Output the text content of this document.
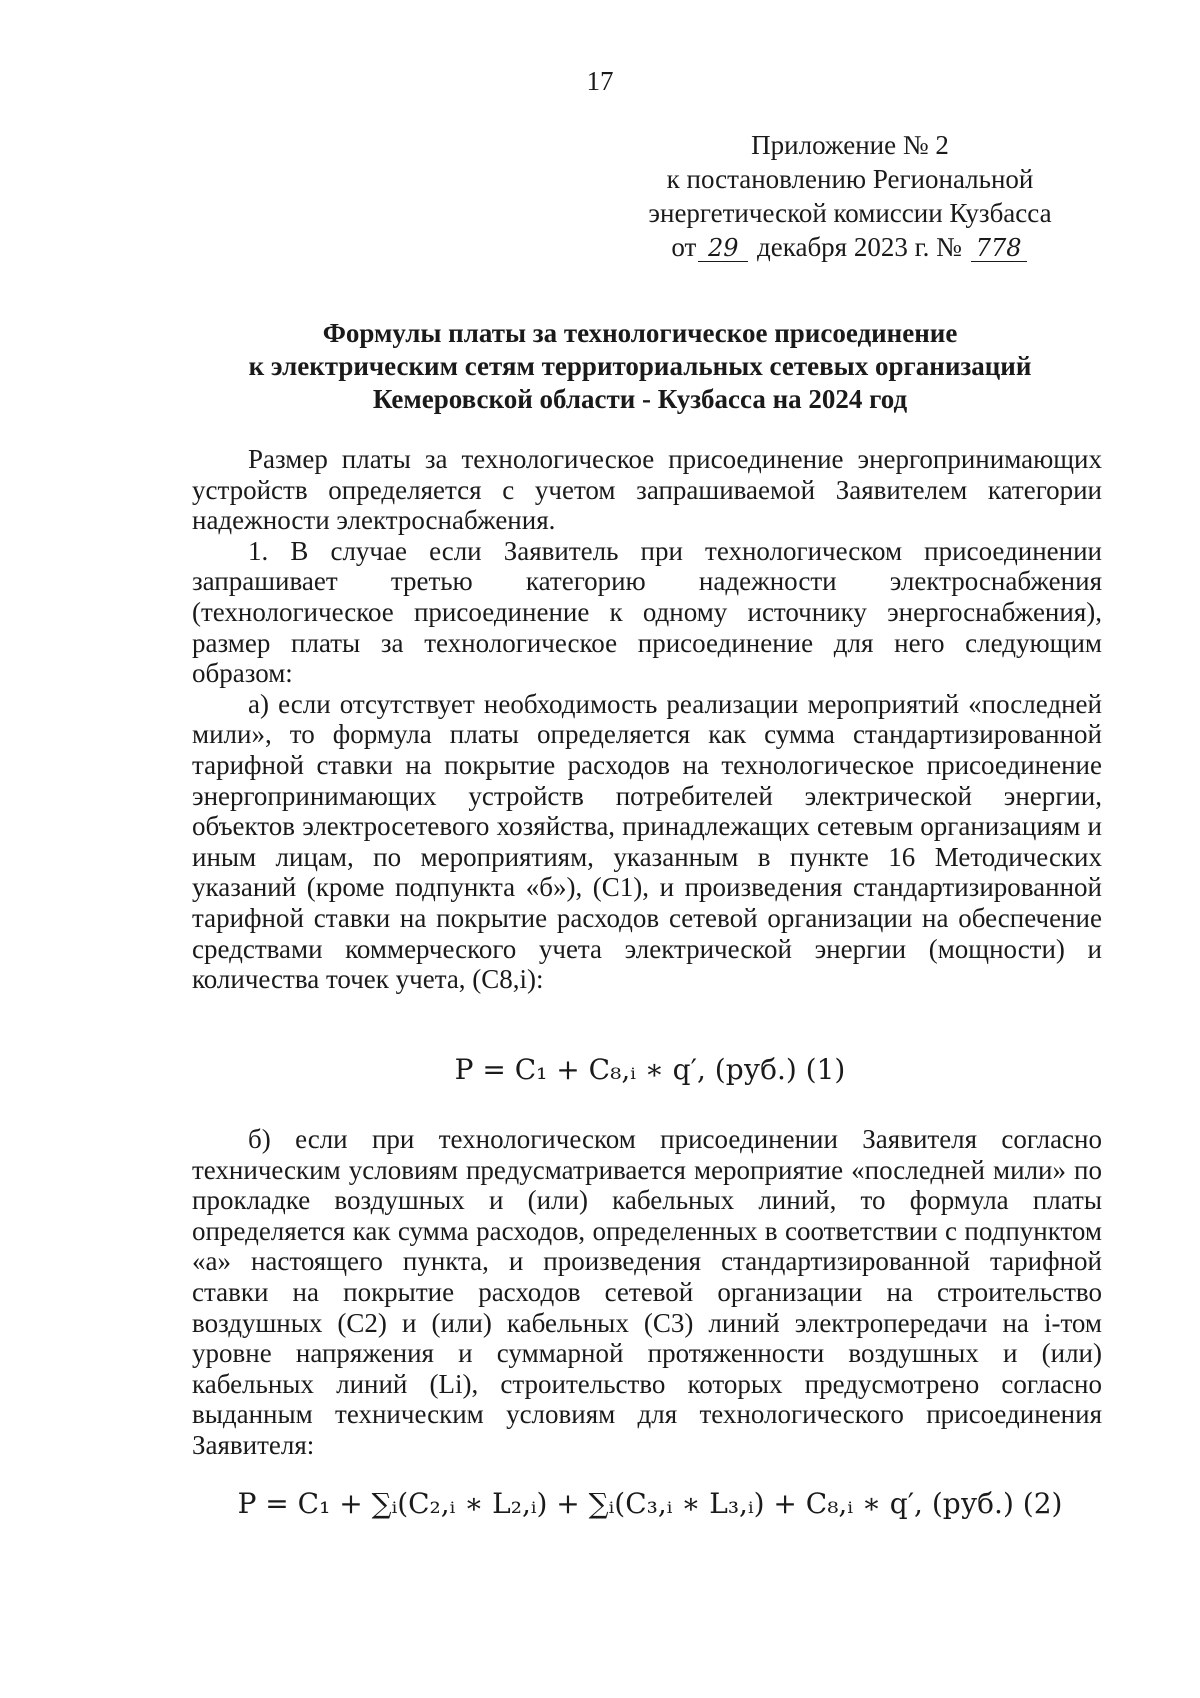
17
Приложение № 2
к постановлению Региональной
энергетической комиссии Кузбасса
от 29 декабря 2023 г. № 778
Формулы платы за технологическое присоединение
к электрическим сетям территориальных сетевых организаций
Кемеровской области - Кузбасса на 2024 год

Размер платы за технологическое присоединение энергопринимающих устройств определяется с учетом запрашиваемой Заявителем категории надежности электроснабжения.

1. В случае если Заявитель при технологическом присоединении запрашивает третью категорию надежности электроснабжения (технологическое присоединение к одному источнику энергоснабжения), размер платы за технологическое присоединение для него следующим образом:

а) если отсутствует необходимость реализации мероприятий «последней мили», то формула платы определяется как сумма стандартизированной тарифной ставки на покрытие расходов на технологическое присоединение энергопринимающих устройств потребителей электрической энергии, объектов электросетевого хозяйства, принадлежащих сетевым организациям и иным лицам, по мероприятиям, указанным в пункте 16 Методических указаний (кроме подпункта «б»), (C1), и произведения стандартизированной тарифной ставки на покрытие расходов сетевой организации на обеспечение средствами коммерческого учета электрической энергии (мощности) и количества точек учета, (C8,i):

P = C₁ + C₈,ᵢ ∗ q′, (руб.) (1)

б) если при технологическом присоединении Заявителя согласно техническим условиям предусматривается мероприятие «последней мили» по прокладке воздушных и (или) кабельных линий, то формула платы определяется как сумма расходов, определенных в соответствии с подпунктом «а» настоящего пункта, и произведения стандартизированной тарифной ставки на покрытие расходов сетевой организации на строительство воздушных (C2) и (или) кабельных (C3) линий электропередачи на i-том уровне напряжения и суммарной протяженности воздушных и (или) кабельных линий (Li), строительство которых предусмотрено согласно выданным техническим условиям для технологического присоединения Заявителя:

P = C₁ + ∑ᵢ(C₂,ᵢ ∗ L₂,ᵢ) + ∑ᵢ(C₃,ᵢ ∗ L₃,ᵢ) + C₈,ᵢ ∗ q′, (руб.) (2)
